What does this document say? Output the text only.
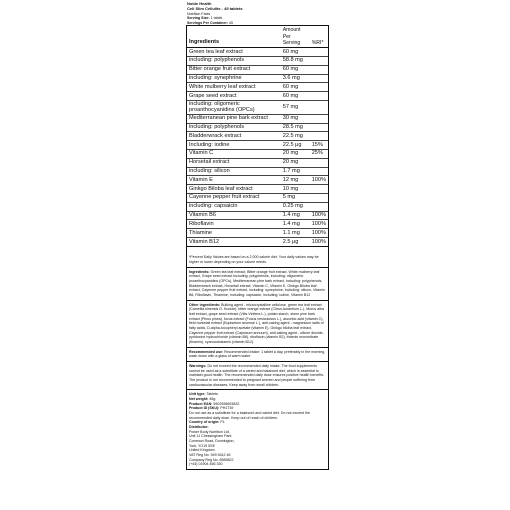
Noble Health
Cell Slim Cellulite - 45 tablets
Nutrition Facts
Serving Size: 1 tablet
Servings Per Container: 45
Ingredients	Amount Per Serving	%RI*
Green tea leaf extract	60 mg	
including: polyphenols	58.8 mg	
Bitter orange fruit extract	60 mg	
including: synephrine	3.6 mg	
White mulberry leaf extract	60 mg	
Grape seed extract	60 mg	
including: oligomeric proanthocyanidins (OPCs)	57 mg	
Mediterranean pine bark extract	30 mg	
including: polyphenols	28.5 mg	
Bladderwrack extract	22.5 mg	
Including: iodine	22.5 μg	15%
Vitamin C	20 mg	25%
Horsetail extract	20 mg	
including: silicon	1.7 mg	
Vitamin E	12 mg	100%
Ginkgo Biloba leaf extract	10 mg	
Cayenne pepper fruit extract	5 mg	
including: capsaicin	0.25 mg	
Vitamin B6	1.4 mg	100%
Riboflavin	1.4 mg	100%
Thiamine	1.1 mg	100%
Vitamin B12	2.5 μg	100%
*Percent Daily Values are based on a 2,000 calorie diet. Your daily values may be higher or lower depending on your calorie needs.
Ingredients: Green tea leaf extract, Bitter orange fruit extract, White mulberry leaf extract, Grape seed extract including: polyphenols, including: oligomeric proanthocyanidins (OPCs), Mediterranean pine bark extract, including: polyphenols, Bladderwrack extract, Horsetail extract, Vitamin C, Vitamin E, Ginkgo Biloba leaf extract, Cayenne pepper fruit extract, including: synephrine, including: silicon, Vitamin B6, Riboflavin, Thiamine, Including: capsaicin, including: iodine, Vitamin B12
Other ingredients: Bulking agent - microcrystalline cellulose, green tea leaf extract (Camellia sinensis O. Kuntze), bitter orange extract (Citrus Aurantium L.), Morus alba leaf extract, grape seed extract (Vitis Vinifera L.), potato starch, stone pine bark extract (Pinus pinea), focus extract (Focus vesiculosus L.), ascorbic acid (vitamin C), field horsetail extract (Equisetum arvense L.), anti-caking agent - magnesium salts of fatty acids, D-alpha-tocopheryl acetate (vitamin E), Ginkgo biloba leaf extract, Cayenne pepper fruit extract (Capsicum annuum), anti-caking agent - silicon dioxide, pyridoxine hydrochloride (vitamin B6), riboflavin (vitamin B2), thiamin mononitrate (thiamin), cyanocobalamin (vitamin B12).
Recommended use: Recommended intake: 1 tablet a day, preferably in the morning, wash down with a glass of warm water.
Warnings: Do not exceed the recommended daily intake. The food supplements cannot be used as a substitute of a varied and balanced diet, which is essential to maintain good health. The recommended daily dose ensures positive health benefits. The product is not recommended to pregnant women and people suffering from cardiovascular diseases. Keep away from small children.
Unit type: Tablets
Net weight: 45g
Product EAN: 5902596693832
Product ID (SKU): PH1739
Do not use as a substitute for a balanced and varied diet. Do not exceed the recommended daily dose. Keep out of reach of children.
Country of origin: PL
Distributor:
Power Body Nutrition Ltd,
Unit 11 Chessingham Park
Common Road, Dunnington,
York, YO19 5SE
United Kingdom
VAT Reg No. 949 5412 46
Company Reg No. 8589822
(+44) 01904 466 330
